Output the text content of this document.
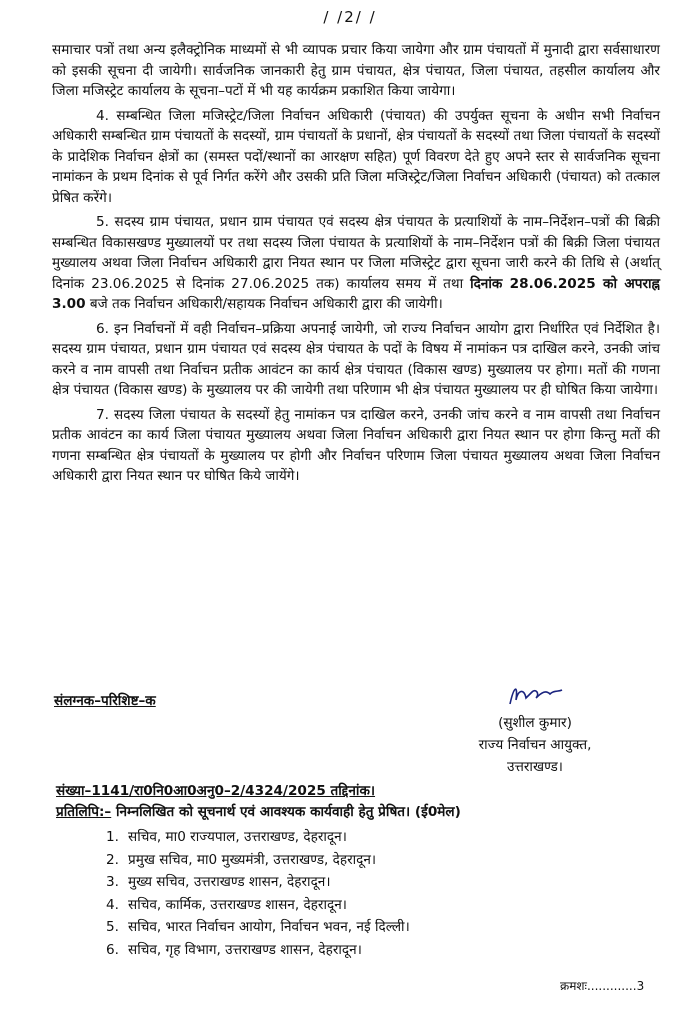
/ /2/ /

समाचार पत्रों तथा अन्य इलैक्ट्रोनिक माध्यमों से भी व्यापक प्रचार किया जायेगा और ग्राम पंचायतों में मुनादी द्वारा सर्वसाधारण को इसकी सूचना दी जायेगी। सार्वजनिक जानकारी हेतु ग्राम पंचायत, क्षेत्र पंचायत, जिला पंचायत, तहसील कार्यालय और जिला मजिस्ट्रेट कार्यालय के सूचना–पटों में भी यह कार्यक्रम प्रकाशित किया जायेगा।

4. सम्बन्धित जिला मजिस्ट्रेट/जिला निर्वाचन अधिकारी (पंचायत) की उपर्युक्त सूचना के अधीन सभी निर्वाचन अधिकारी सम्बन्धित ग्राम पंचायतों के सदस्यों, ग्राम पंचायतों के प्रधानों, क्षेत्र पंचायतों के सदस्यों तथा जिला पंचायतों के सदस्यों के प्रादेशिक निर्वाचन क्षेत्रों का (समस्त पदों/स्थानों का आरक्षण सहित) पूर्ण विवरण देते हुए अपने स्तर से सार्वजनिक सूचना नामांकन के प्रथम दिनांक से पूर्व निर्गत करेंगे और उसकी प्रति जिला मजिस्ट्रेट/जिला निर्वाचन अधिकारी (पंचायत) को तत्काल प्रेषित करेंगे।

5. सदस्य ग्राम पंचायत, प्रधान ग्राम पंचायत एवं सदस्य क्षेत्र पंचायत के प्रत्याशियों के नाम–निर्देशन–पत्रों की बिक्री सम्बन्धित विकासखण्ड मुख्यालयों पर तथा सदस्य जिला पंचायत के प्रत्याशियों के नाम–निर्देशन पत्रों की बिक्री जिला पंचायत मुख्यालय अथवा जिला निर्वाचन अधिकारी द्वारा नियत स्थान पर जिला मजिस्ट्रेट द्वारा सूचना जारी करने की तिथि से (अर्थात् दिनांक 23.06.2025 से दिनांक 27.06.2025 तक) कार्यालय समय में तथा दिनांक 28.06.2025 को अपराह्न 3.00 बजे तक निर्वाचन अधिकारी/सहायक निर्वाचन अधिकारी द्वारा की जायेगी।

6. इन निर्वाचनों में वही निर्वाचन–प्रक्रिया अपनाई जायेगी, जो राज्य निर्वाचन आयोग द्वारा निर्धारित एवं निर्देशित है। सदस्य ग्राम पंचायत, प्रधान ग्राम पंचायत एवं सदस्य क्षेत्र पंचायत के पदों के विषय में नामांकन पत्र दाखिल करने, उनकी जांच करने व नाम वापसी तथा निर्वाचन प्रतीक आवंटन का कार्य क्षेत्र पंचायत (विकास खण्ड) मुख्यालय पर होगा। मतों की गणना क्षेत्र पंचायत (विकास खण्ड) के मुख्यालय पर की जायेगी तथा परिणाम भी क्षेत्र पंचायत मुख्यालय पर ही घोषित किया जायेगा।

7. सदस्य जिला पंचायत के सदस्यों हेतु नामांकन पत्र दाखिल करने, उनकी जांच करने व नाम वापसी तथा निर्वाचन प्रतीक आवंटन का कार्य जिला पंचायत मुख्यालय अथवा जिला निर्वाचन अधिकारी द्वारा नियत स्थान पर होगा किन्तु मतों की गणना सम्बन्धित क्षेत्र पंचायतों के मुख्यालय पर होगी और निर्वाचन परिणाम जिला पंचायत मुख्यालय अथवा जिला निर्वाचन अधिकारी द्वारा नियत स्थान पर घोषित किये जायेंगे।

संलग्नक–परिशिष्ट–क
(सुशील कुमार)
राज्य निर्वाचन आयुक्त,
उत्तराखण्ड।
संख्या–1141/रा0नि0आ0अनु0–2/4324/2025 तद्दिनांक।
प्रतिलिपि:– निम्नलिखित को सूचनार्थ एवं आवश्यक कार्यवाही हेतु प्रेषित। (ई0मेल)
1. सचिव, मा0 राज्यपाल, उत्तराखण्ड, देहरादून।
2. प्रमुख सचिव, मा0 मुख्यमंत्री, उत्तराखण्ड, देहरादून।
3. मुख्य सचिव, उत्तराखण्ड शासन, देहरादून।
4. सचिव, कार्मिक, उत्तराखण्ड शासन, देहरादून।
5. सचिव, भारत निर्वाचन आयोग, निर्वाचन भवन, नई दिल्ली।
6. सचिव, गृह विभाग, उत्तराखण्ड शासन, देहरादून।
क्रमशः.............3
